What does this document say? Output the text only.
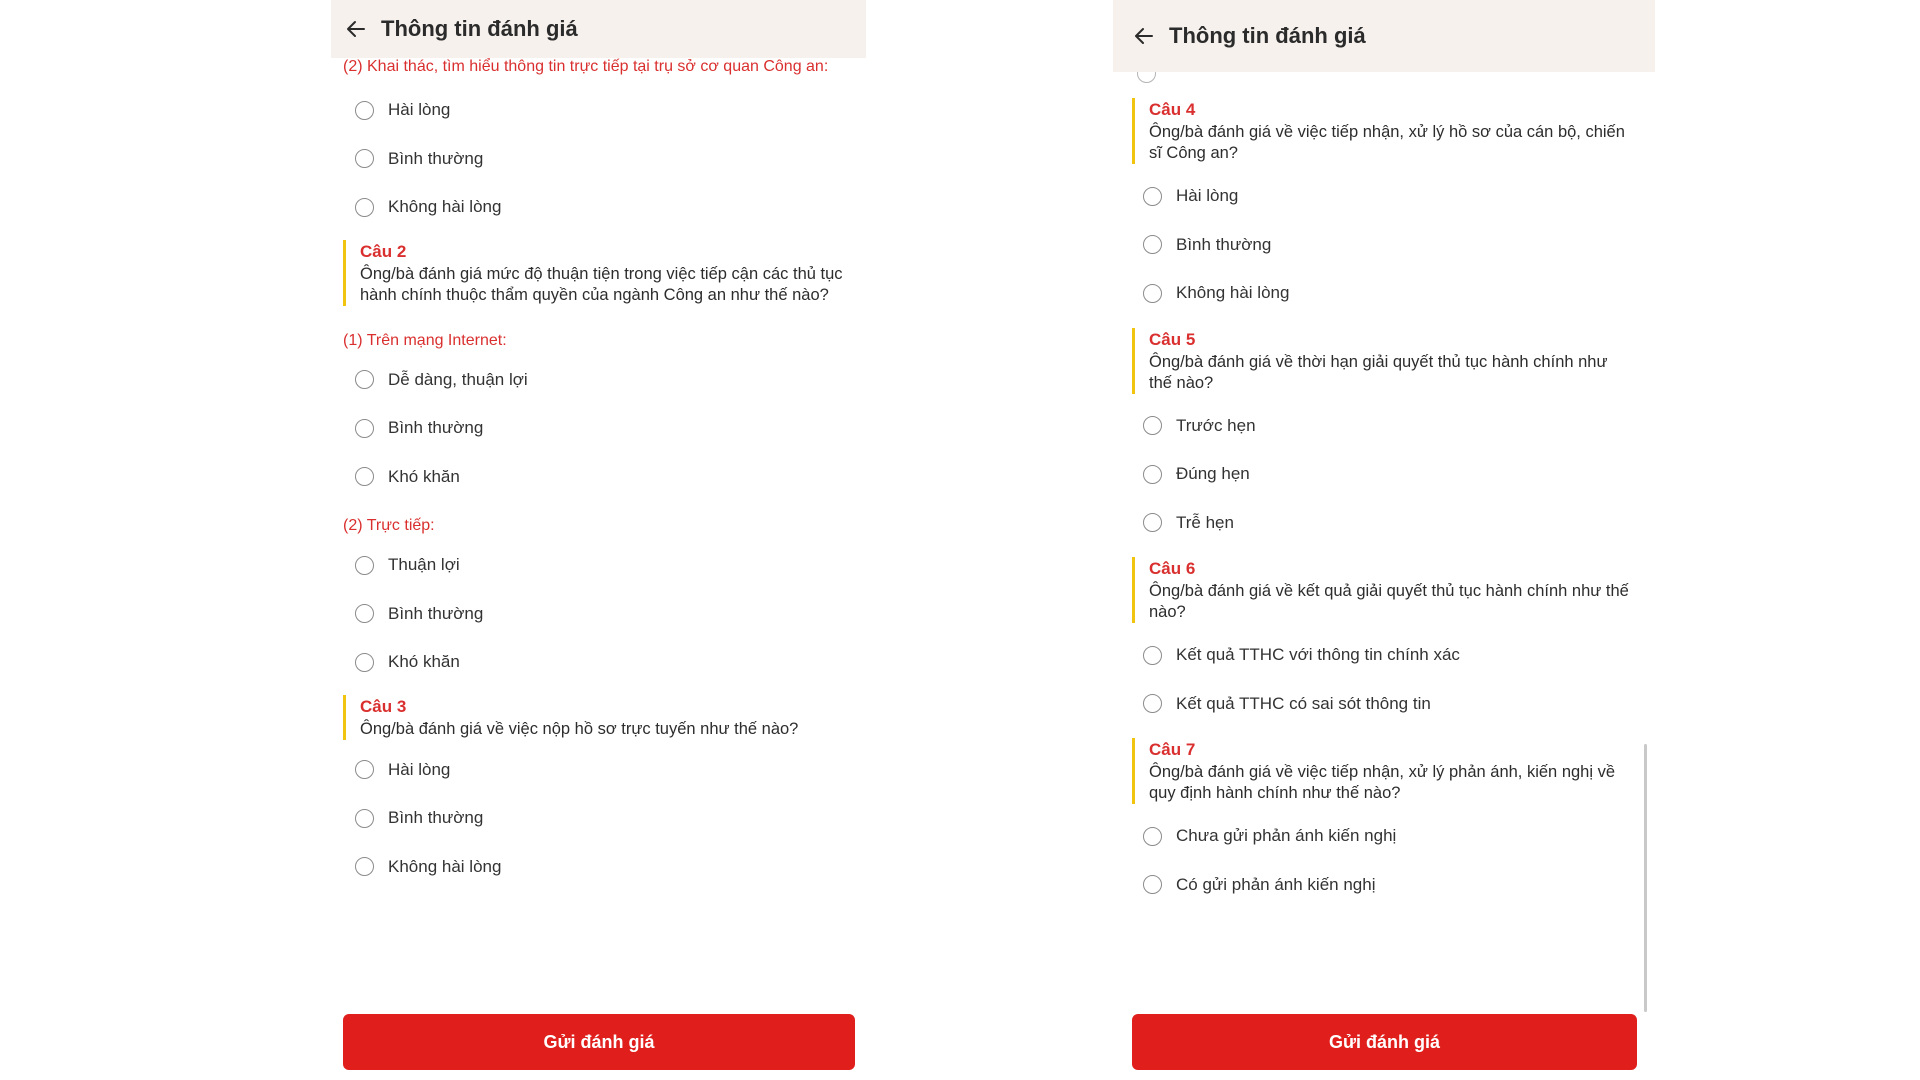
Thông tin đánh giá
(2) Khai thác, tìm hiểu thông tin trực tiếp tại trụ sở cơ quan Công an:
Hài lòng
Bình thường
Không hài lòng
Câu 2
Ông/bà đánh giá mức độ thuận tiện trong việc tiếp cận các thủ tục hành chính thuộc thẩm quyền của ngành Công an như thế nào?
(1) Trên mạng Internet:
Dễ dàng, thuận lợi
Bình thường
Khó khăn
(2) Trực tiếp:
Thuận lợi
Bình thường
Khó khăn
Câu 3
Ông/bà đánh giá về việc nộp hồ sơ trực tuyến như thế nào?
Hài lòng
Bình thường
Không hài lòng
Gửi đánh giá
Thông tin đánh giá
Câu 4
Ông/bà đánh giá về việc tiếp nhận, xử lý hồ sơ của cán bộ, chiến sĩ Công an?
Hài lòng
Bình thường
Không hài lòng
Câu 5
Ông/bà đánh giá về thời hạn giải quyết thủ tục hành chính như thế nào?
Trước hẹn
Đúng hẹn
Trễ hẹn
Câu 6
Ông/bà đánh giá về kết quả giải quyết thủ tục hành chính như thế nào?
Kết quả TTHC với thông tin chính xác
Kết quả TTHC có sai sót thông tin
Câu 7
Ông/bà đánh giá về việc tiếp nhận, xử lý phản ánh, kiến nghị về quy định hành chính như thế nào?
Chưa gửi phản ánh kiến nghị
Có gửi phản ánh kiến nghị
Gửi đánh giá
